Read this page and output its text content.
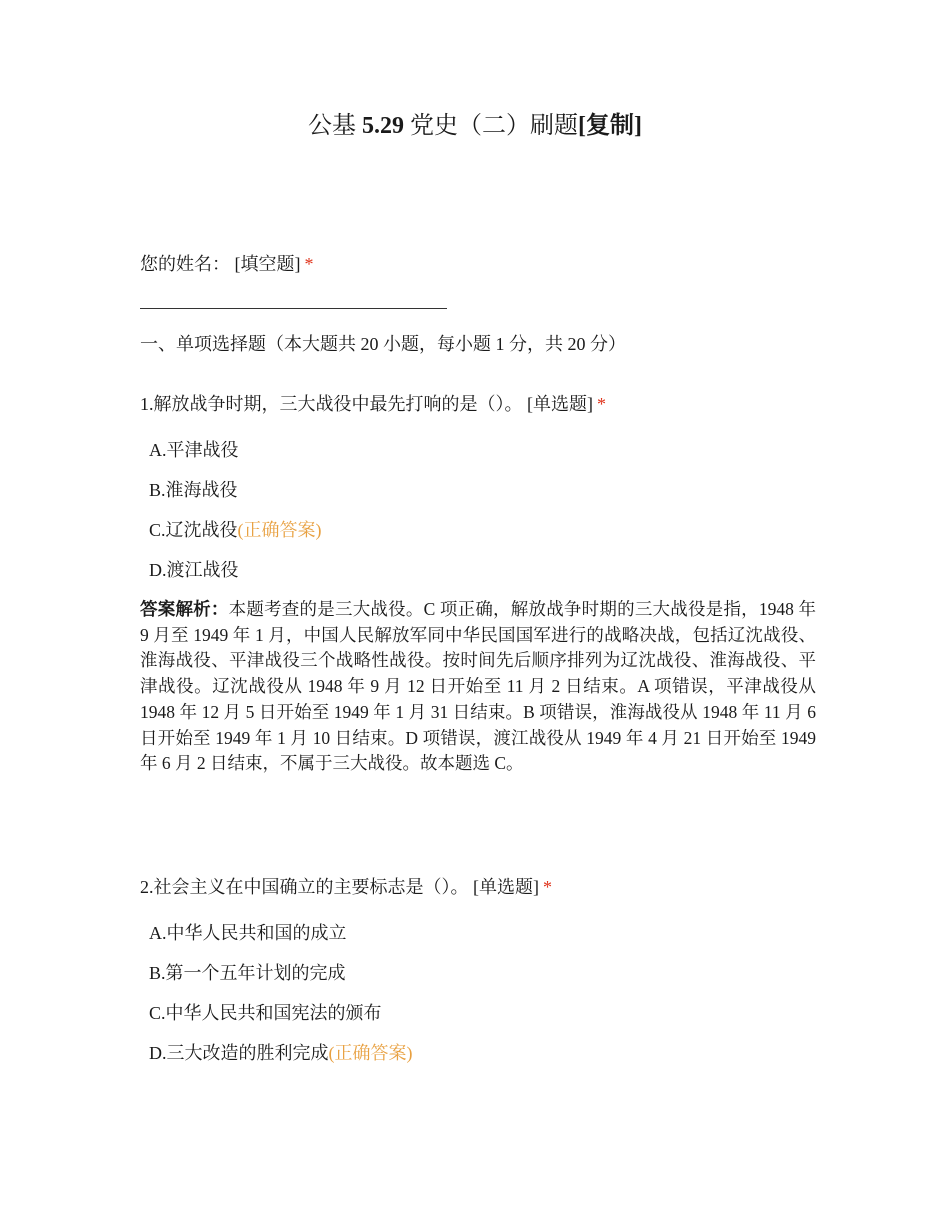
公基 5.29 党史（二）刷题[复制]
您的姓名： [填空题] *
一、单项选择题（本大题共 20 小题，每小题 1 分，共 20 分）
1.解放战争时期，三大战役中最先打响的是（）。 [单选题] *
A.平津战役
B.淮海战役
C.辽沈战役(正确答案)
D.渡江战役
答案解析：本题考查的是三大战役。C 项正确，解放战争时期的三大战役是指，1948 年 9 月至 1949 年 1 月，中国人民解放军同中华民国国军进行的战略决战，包括辽沈战役、淮海战役、平津战役三个战略性战役。按时间先后顺序排列为辽沈战役、淮海战役、平津战役。辽沈战役从 1948 年 9 月 12 日开始至 11 月 2 日结束。A 项错误，平津战役从 1948 年 12 月 5 日开始至 1949 年 1 月 31 日结束。B 项错误，淮海战役从 1948 年 11 月 6 日开始至 1949 年 1 月 10 日结束。D 项错误，渡江战役从 1949 年 4 月 21 日开始至 1949 年 6 月 2 日结束，不属于三大战役。故本题选 C。
2.社会主义在中国确立的主要标志是（）。 [单选题] *
A.中华人民共和国的成立
B.第一个五年计划的完成
C.中华人民共和国宪法的颁布
D.三大改造的胜利完成(正确答案)
